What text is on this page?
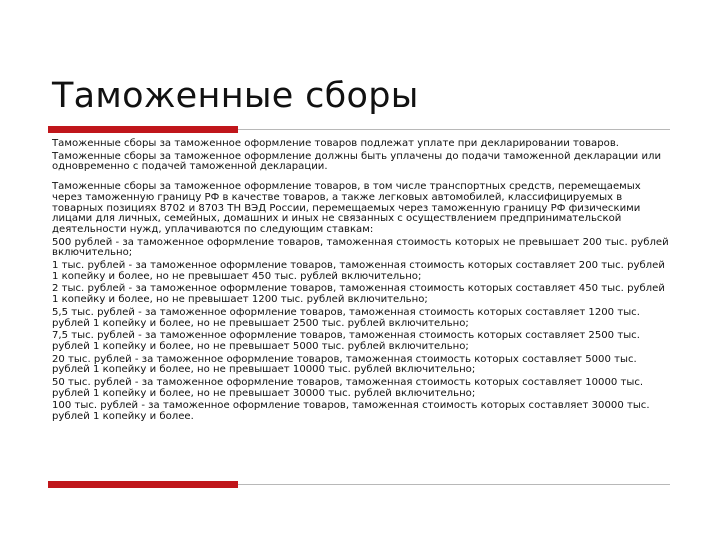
Таможенные сборы

Таможенные сборы за таможенное оформление товаров подлежат уплате при декларировании товаров.

Таможенные сборы за таможенное оформление должны быть уплачены до подачи таможенной декларации или одновременно с подачей таможенной декларации.

Таможенные сборы за таможенное оформление товаров, в том числе транспортных средств, перемещаемых через таможенную границу РФ в качестве товаров, а также легковых автомобилей, классифицируемых в товарных позициях 8702 и 8703 ТН ВЭД России, перемещаемых через таможенную границу РФ физическими лицами для личных, семейных, домашних и иных не связанных с осуществлением предпринимательской деятельности нужд, уплачиваются по следующим ставкам:

500 рублей - за таможенное оформление товаров, таможенная стоимость которых не превышает 200 тыс. рублей включительно;

1 тыс. рублей - за таможенное оформление товаров, таможенная стоимость которых составляет 200 тыс. рублей 1 копейку и более, но не превышает 450 тыс. рублей включительно;

2 тыс. рублей - за таможенное оформление товаров, таможенная стоимость которых составляет 450 тыс. рублей 1 копейку и более, но не превышает 1200 тыс. рублей включительно;

5,5 тыс. рублей - за таможенное оформление товаров, таможенная стоимость которых составляет 1200 тыс. рублей 1 копейку и более, но не превышает 2500 тыс. рублей включительно;

7,5 тыс. рублей - за таможенное оформление товаров, таможенная стоимость которых составляет 2500 тыс. рублей 1 копейку и более, но не превышает 5000 тыс. рублей включительно;

20 тыс. рублей - за таможенное оформление товаров, таможенная стоимость которых составляет 5000 тыс. рублей 1 копейку и более, но не превышает 10000 тыс. рублей включительно;

50 тыс. рублей - за таможенное оформление товаров, таможенная стоимость которых составляет 10000 тыс. рублей 1 копейку и более, но не превышает 30000 тыс. рублей включительно;

100 тыс. рублей - за таможенное оформление товаров, таможенная стоимость которых составляет 30000 тыс. рублей 1 копейку и более.
